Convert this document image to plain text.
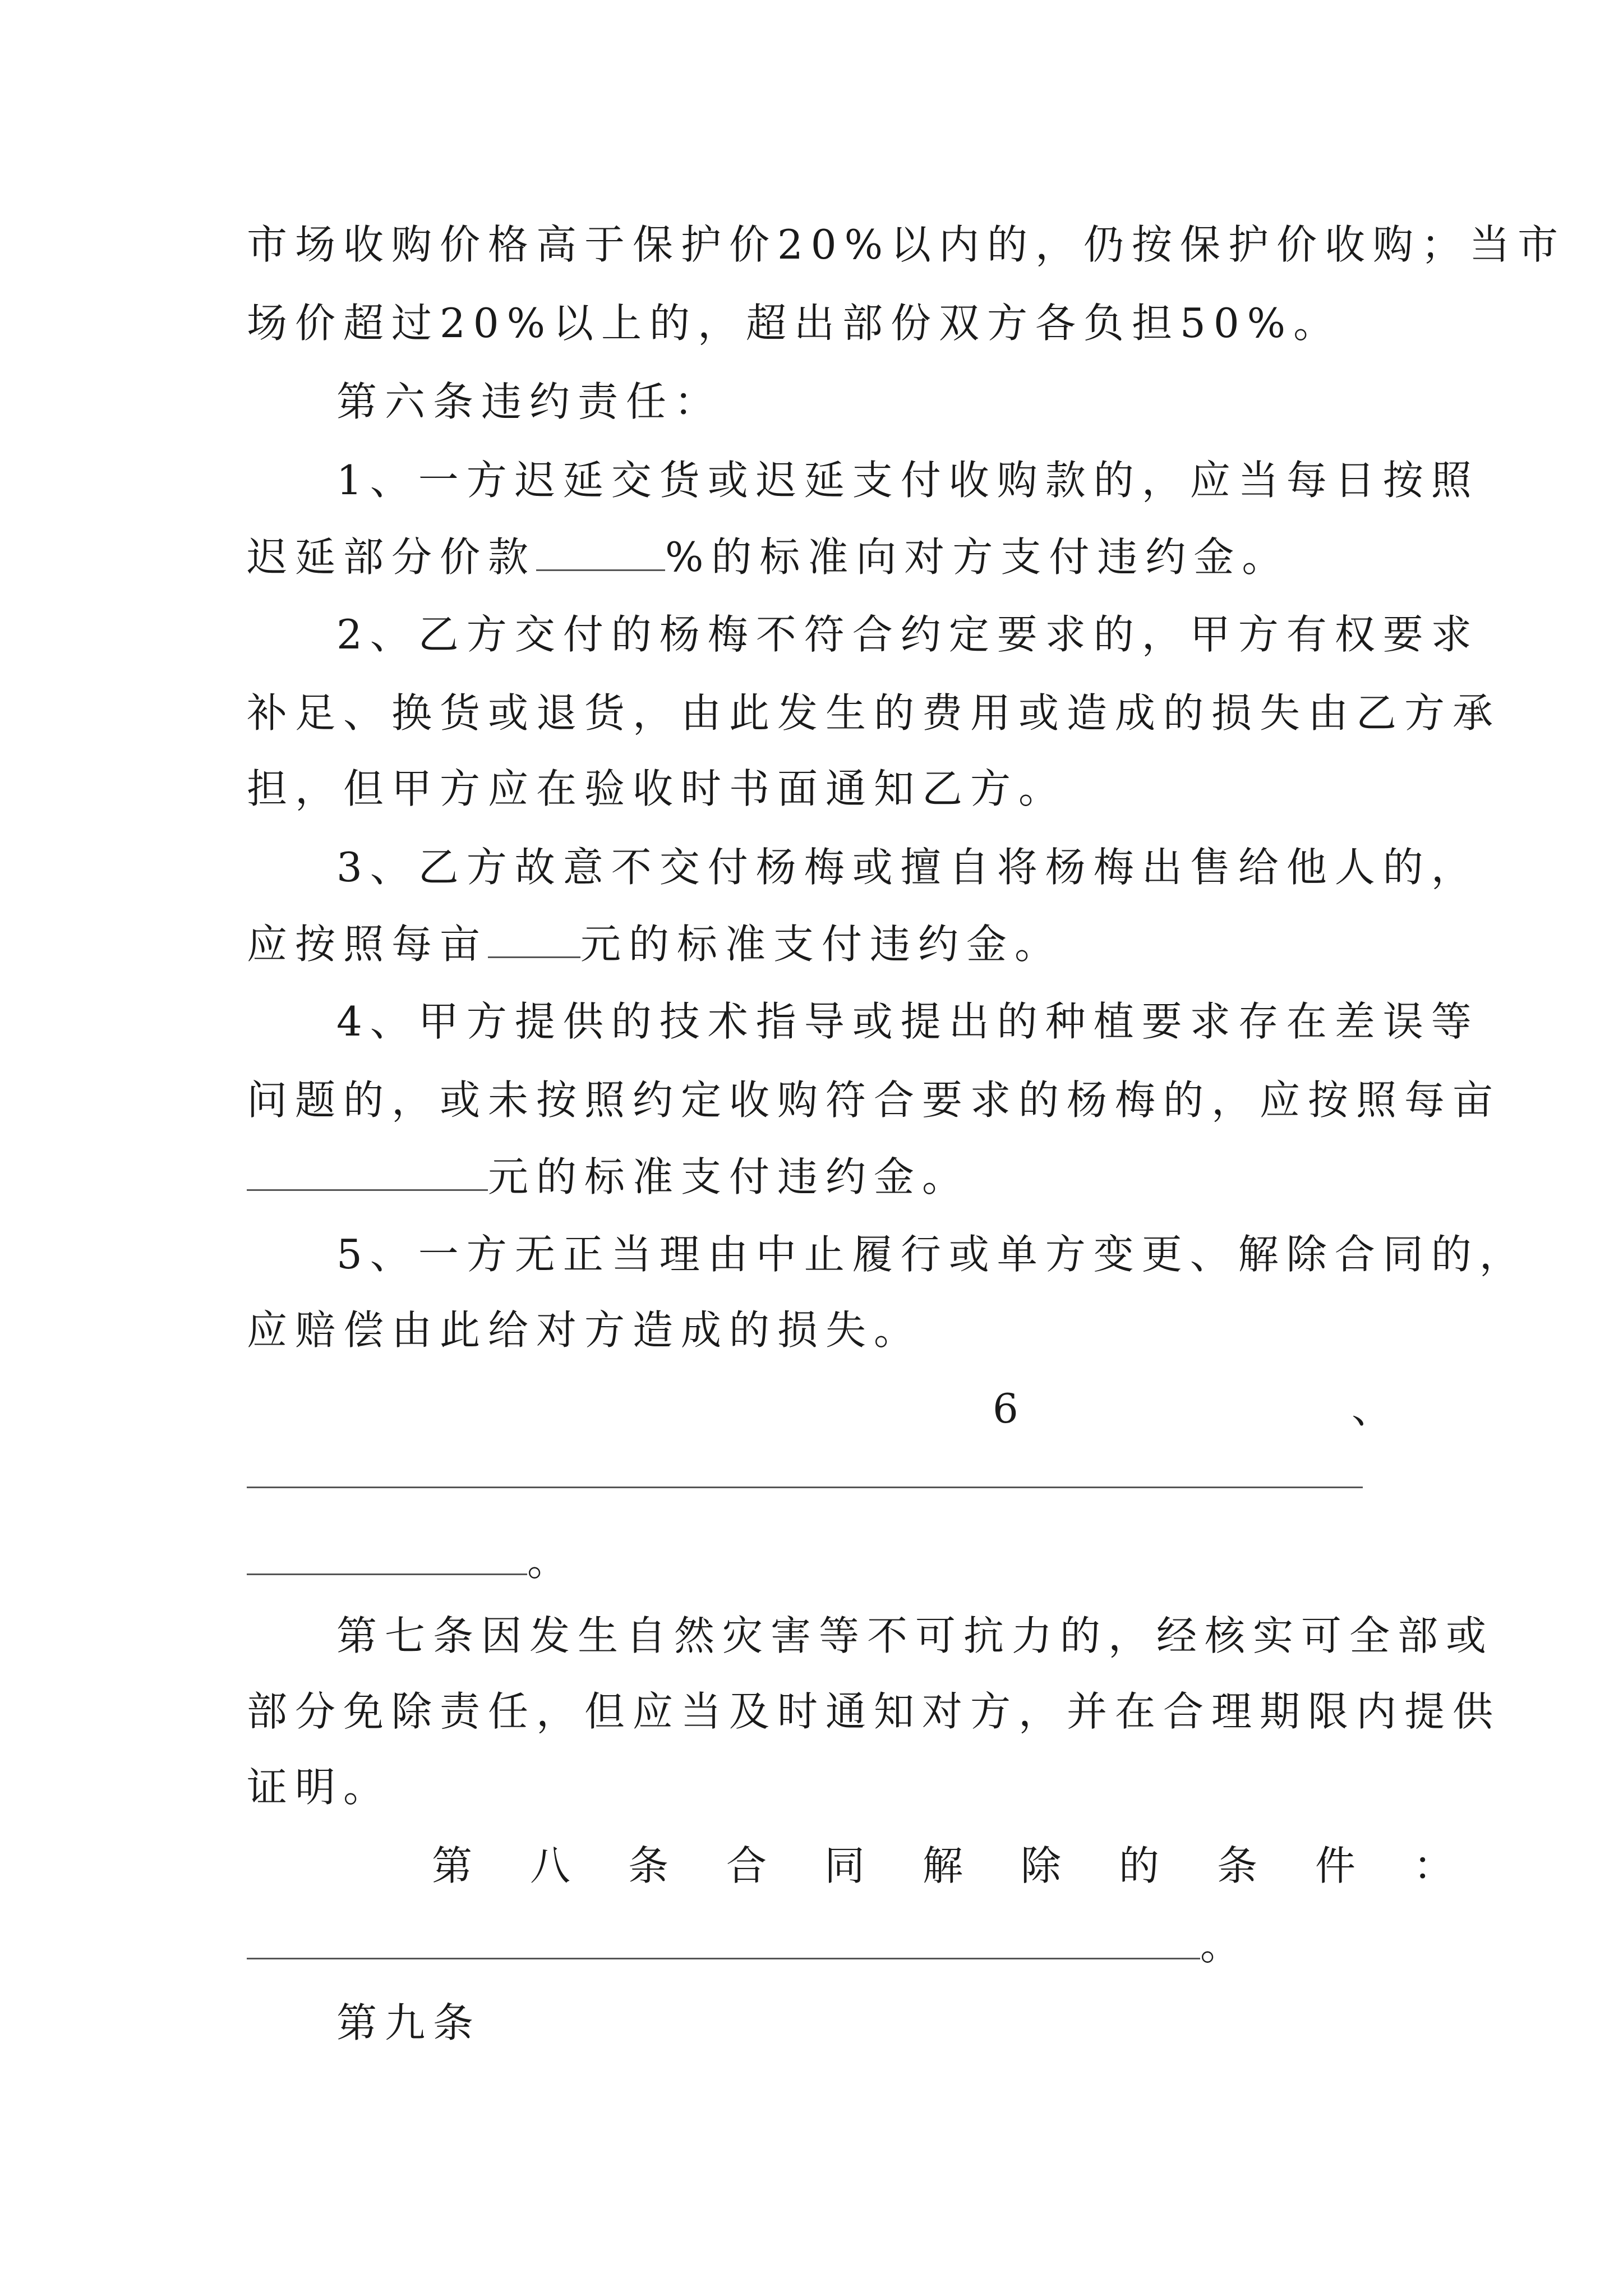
市场收购价格高于保护价20%以内的，仍按保护价收购；当市
场价超过20%以上的，超出部份双方各负担50%。
第六条违约责任：
1、一方迟延交货或迟延支付收购款的，应当每日按照
迟延部分价款	%的标准向对方支付违约金。
2、乙方交付的杨梅不符合约定要求的，甲方有权要求
补足、换货或退货，由此发生的费用或造成的损失由乙方承
担，但甲方应在验收时书面通知乙方。
3、乙方故意不交付杨梅或擅自将杨梅出售给他人的，
应按照每亩 元的标准支付违约金。
4、甲方提供的技术指导或提出的种植要求存在差误等
问题的，或未按照约定收购符合要求的杨梅的，应按照每亩
元的标准支付违约金。
5、一方无正当理由中止履行或单方变更、解除合同的，
应赔偿由此给对方造成的损失。
6	、
。
第七条因发生自然灾害等不可抗力的，经核实可全部或
部分免除责任，但应当及时通知对方，并在合理期限内提供
证明。
第八条合同解除的条件：
。
第九条
